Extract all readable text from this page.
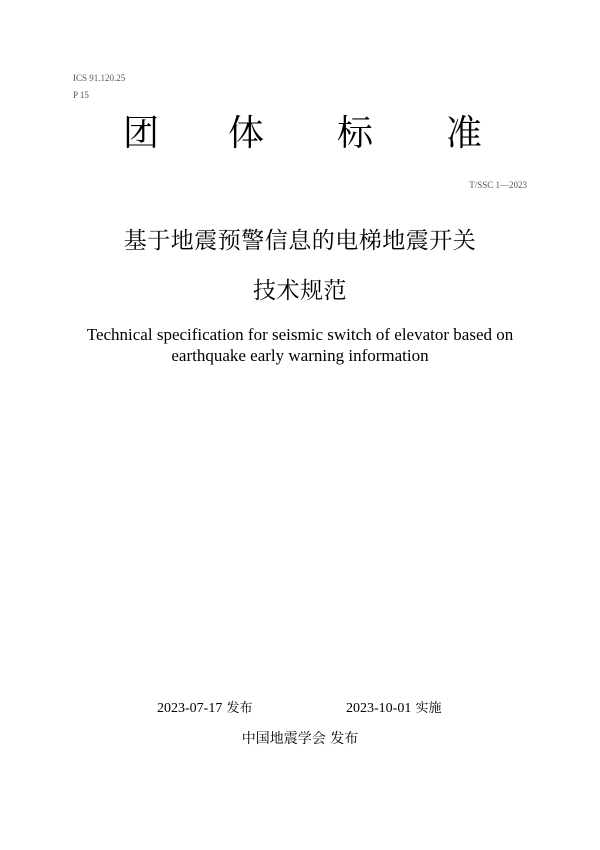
ICS 91.120.25
P 15
团 体 标 准
T/SSC 1—2023
基于地震预警信息的电梯地震开关
技术规范
Technical specification for seismic switch of elevator based on
earthquake early warning information
2023-07-17 发布	2023-10-01 实施
中国地震学会 发布
